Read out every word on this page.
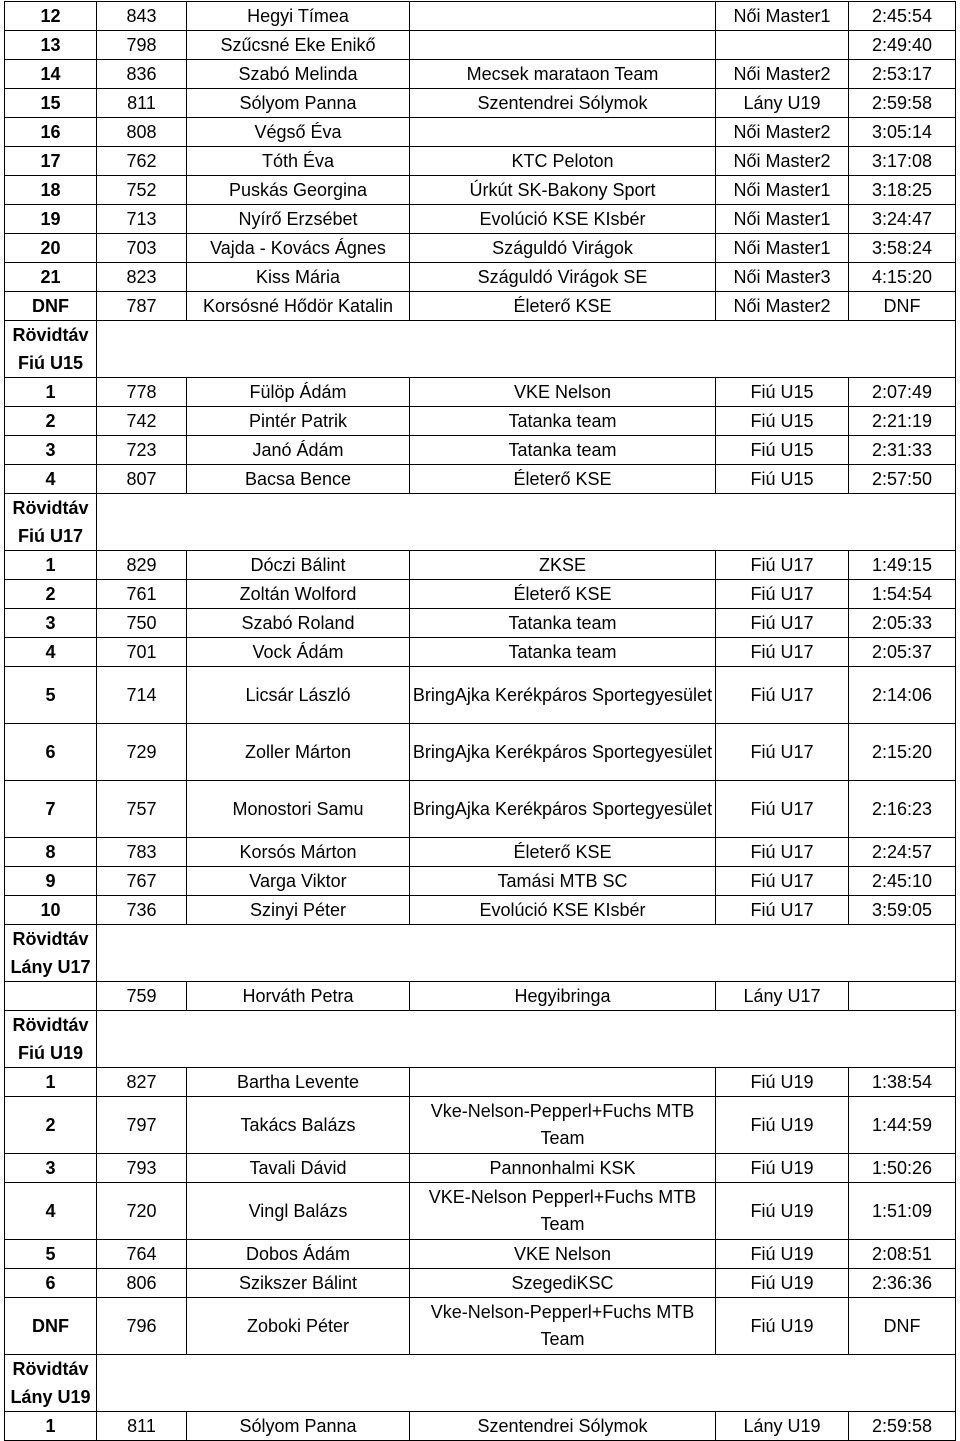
12	843	Hegyi Tímea		Női Master1	2:45:54
13	798	Szűcsné Eke Enikő			2:49:40
14	836	Szabó Melinda	Mecsek marataon Team	Női Master2	2:53:17
15	811	Sólyom Panna	Szentendrei Sólymok	Lány U19	2:59:58
16	808	Végső Éva		Női Master2	3:05:14
17	762	Tóth Éva	KTC Peloton	Női Master2	3:17:08
18	752	Puskás Georgina	Úrkút SK-Bakony Sport	Női Master1	3:18:25
19	713	Nyírő Erzsébet	Evolúció KSE KIsbér	Női Master1	3:24:47
20	703	Vajda - Kovács Ágnes	Száguldó Virágok	Női Master1	3:58:24
21	823	Kiss Mária	Száguldó Virágok SE	Női Master3	4:15:20
DNF	787	Korsósné Hődör Katalin	Életerő KSE	Női Master2	DNF

Rövidtáv
Fiú U15					

1	778	Fülöp Ádám	VKE Nelson	Fiú U15	2:07:49
2	742	Pintér Patrik	Tatanka team	Fiú U15	2:21:19
3	723	Janó Ádám	Tatanka team	Fiú U15	2:31:33
4	807	Bacsa Bence	Életerő KSE	Fiú U15	2:57:50

Rövidtáv
Fiú U17					

1	829	Dóczi Bálint	ZKSE	Fiú U17	1:49:15
2	761	Zoltán Wolford	Életerő KSE	Fiú U17	1:54:54
3	750	Szabó Roland	Tatanka team	Fiú U17	2:05:33
4	701	Vock Ádám	Tatanka team	Fiú U17	2:05:37
5	714	Licsár László	BringAjka Kerékpáros Sportegyesület	Fiú U17	2:14:06
6	729	Zoller Márton	BringAjka Kerékpáros Sportegyesület	Fiú U17	2:15:20
7	757	Monostori Samu	BringAjka Kerékpáros Sportegyesület	Fiú U17	2:16:23
8	783	Korsós Márton	Életerő KSE	Fiú U17	2:24:57
9	767	Varga Viktor	Tamási MTB SC	Fiú U17	2:45:10
10	736	Szinyi Péter	Evolúció KSE KIsbér	Fiú U17	3:59:05

Rövidtáv
Lány U17					

	759	Horváth Petra	Hegyibringa	Lány U17	

Rövidtáv
Fiú U19					

1	827	Bartha Levente		Fiú U19	1:38:54
2	797	Takács Balázs	Vke-Nelson-Pepperl+Fuchs MTB Team	Fiú U19	1:44:59
3	793	Tavali Dávid	Pannonhalmi KSK	Fiú U19	1:50:26
4	720	Vingl Balázs	VKE-Nelson Pepperl+Fuchs MTB Team	Fiú U19	1:51:09
5	764	Dobos Ádám	VKE Nelson	Fiú U19	2:08:51
6	806	Szikszer Bálint	SzegediKSC	Fiú U19	2:36:36
DNF	796	Zoboki Péter	Vke-Nelson-Pepperl+Fuchs MTB Team	Fiú U19	DNF

Rövidtáv
Lány U19					

1	811	Sólyom Panna	Szentendrei Sólymok	Lány U19	2:59:58
